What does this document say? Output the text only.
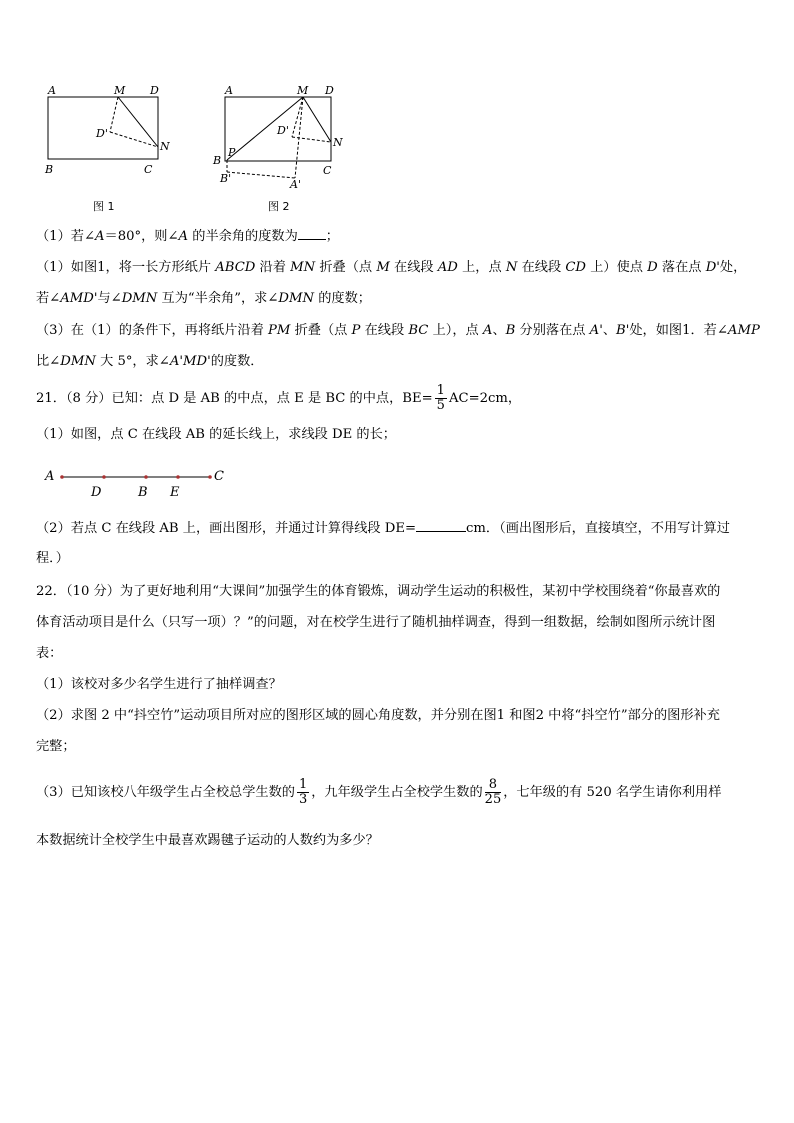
A	M D
D'
N
B	C
图 1
A	M D
D'
N
P
B
C
B'	A'
图 2
（1）若∠A＝80°，则∠A 的半余角的度数为 ；
（1）如图1，将一长方形纸片 ABCD 沿着 MN 折叠（点 M 在线段 AD 上，点 N 在线段 CD 上）使点 D 落在点 D'处，
若∠AMD'与∠DMN 互为“半余角”，求∠DMN 的度数；
（3）在（1）的条件下，再将纸片沿着 PM 折叠（点 P 在线段 BC 上），点 A、B 分别落在点 A'、B'处，如图1．若∠AMP
比∠DMN 大 5°，求∠A'MD'的度数．
21．（8 分）已知：点 D 是 AB 的中点，点 E 是 BC 的中点，$BE= \frac{1}{5} AC=2cm$，
（1）如图，点 C 在线段 AB 的延长线上，求线段 DE 的长；
A
D	B E
C
（2）若点 C 在线段 AB 上，画出图形，并通过计算得线段 DE=	cm．（画出图形后，直接填空，不用写计算过
程．）
22．（10 分）为了更好地利用“大课间”加强学生的体育锻炼，调动学生运动的积极性，某初中学校围绕着“你最喜欢的
体育活动项目是什么（只写一项）？”的问题，对在校学生进行了随机抽样调查，得到一组数据，绘制如图所示统计图
表：
（1）该校对多少名学生进行了抽样调查？
（2）求图 2 中“抖空竹”运动项目所对应的图形区域的圆心角度数，并分别在图1 和图2 中将“抖空竹”部分的图形补充
完整；
（3）已知该校八年级学生占全校总学生数的 $\frac{1}{3}$ ，九年级学生占全校学生数的 $\frac{8}{25}$ ，七年级的有 520 名学生请你利用样
本数据统计全校学生中最喜欢踢毽子运动的人数约为多少？
